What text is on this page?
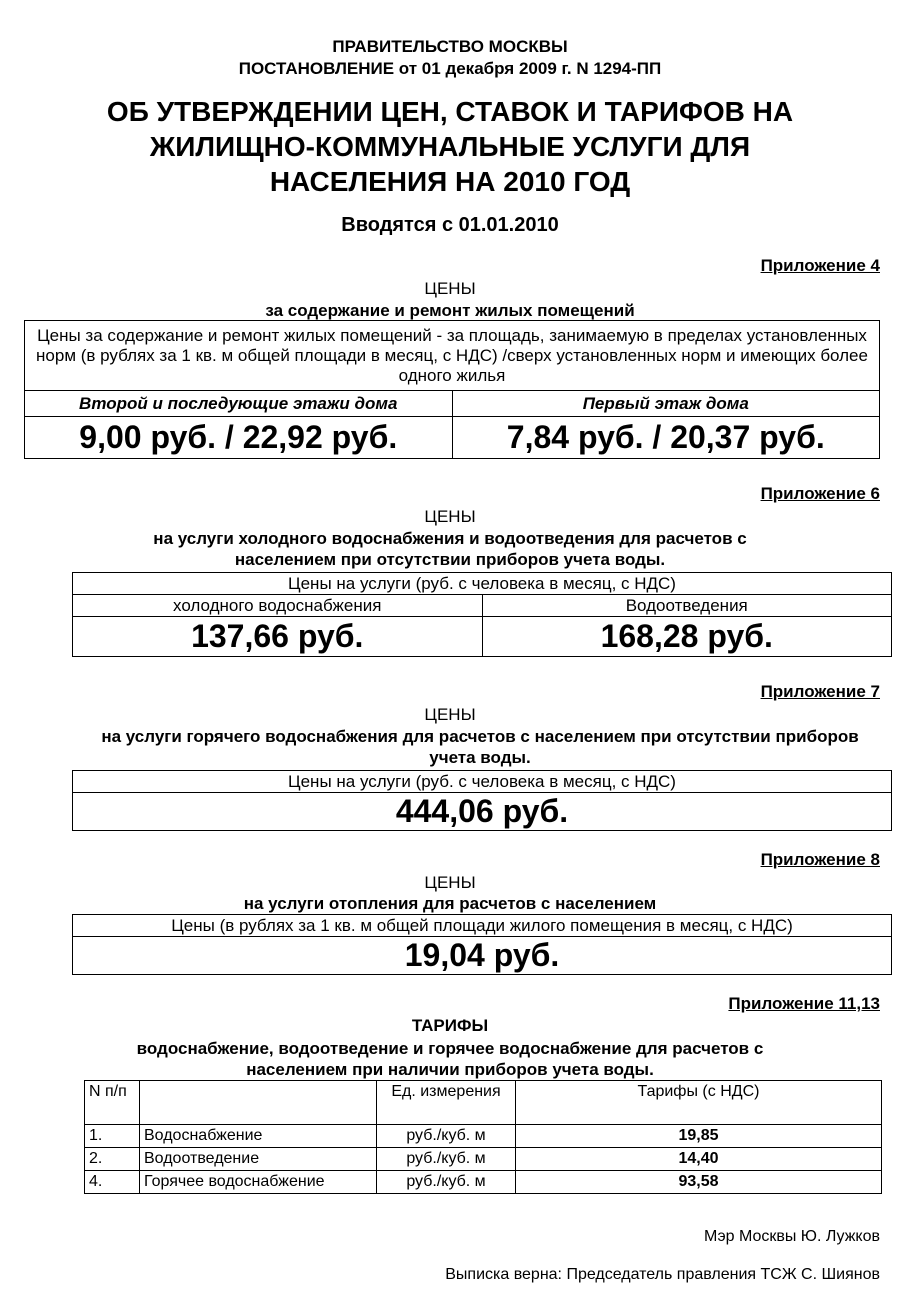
ПРАВИТЕЛЬСТВО МОСКВЫ
ПОСТАНОВЛЕНИЕ от 01 декабря 2009 г. N 1294-ПП
ОБ УТВЕРЖДЕНИИ ЦЕН, СТАВОК И ТАРИФОВ НА ЖИЛИЩНО-КОММУНАЛЬНЫЕ УСЛУГИ ДЛЯ НАСЕЛЕНИЯ НА 2010 ГОД
Вводятся с 01.01.2010
Приложение 4
ЦЕНЫ
за содержание и ремонт жилых помещений
Цены за содержание и ремонт жилых помещений - за площадь, занимаемую в пределах установленных норм (в рублях за 1 кв. м общей площади в месяц, с НДС) /сверх установленных норм и имеющих более одного жилья	
Второй и последующие этажи дома	Первый этаж дома
9,00 руб. / 22,92 руб.	7,84 руб. / 20,37 руб.
Приложение 6
ЦЕНЫ
на услуги холодного водоснабжения и водоотведения для расчетов с населением при отсутствии приборов учета воды.
Цены на услуги (руб. с человека в месяц, с НДС)	
холодного водоснабжения	Водоотведения
137,66 руб.	168,28 руб.
Приложение 7
ЦЕНЫ
на услуги горячего водоснабжения для расчетов с населением при отсутствии приборов учета воды.
Цены на услуги (руб. с человека в месяц, с НДС)
444,06 руб.
Приложение 8
ЦЕНЫ
на услуги отопления для расчетов с населением
Цены (в рублях за 1 кв. м общей площади жилого помещения в месяц, с НДС)
19,04 руб.
Приложение 11,13
ТАРИФЫ
водоснабжение, водоотведение и горячее водоснабжение для расчетов с населением при наличии приборов учета воды.
N п/п		Ед. измерения	Тарифы (с НДС)
1.	Водоснабжение	руб./куб. м	19,85
2.	Водоотведение	руб./куб. м	14,40
4.	Горячее водоснабжение	руб./куб. м	93,58
Мэр Москвы Ю. Лужков
Выписка верна: Председатель правления ТСЖ С. Шиянов
